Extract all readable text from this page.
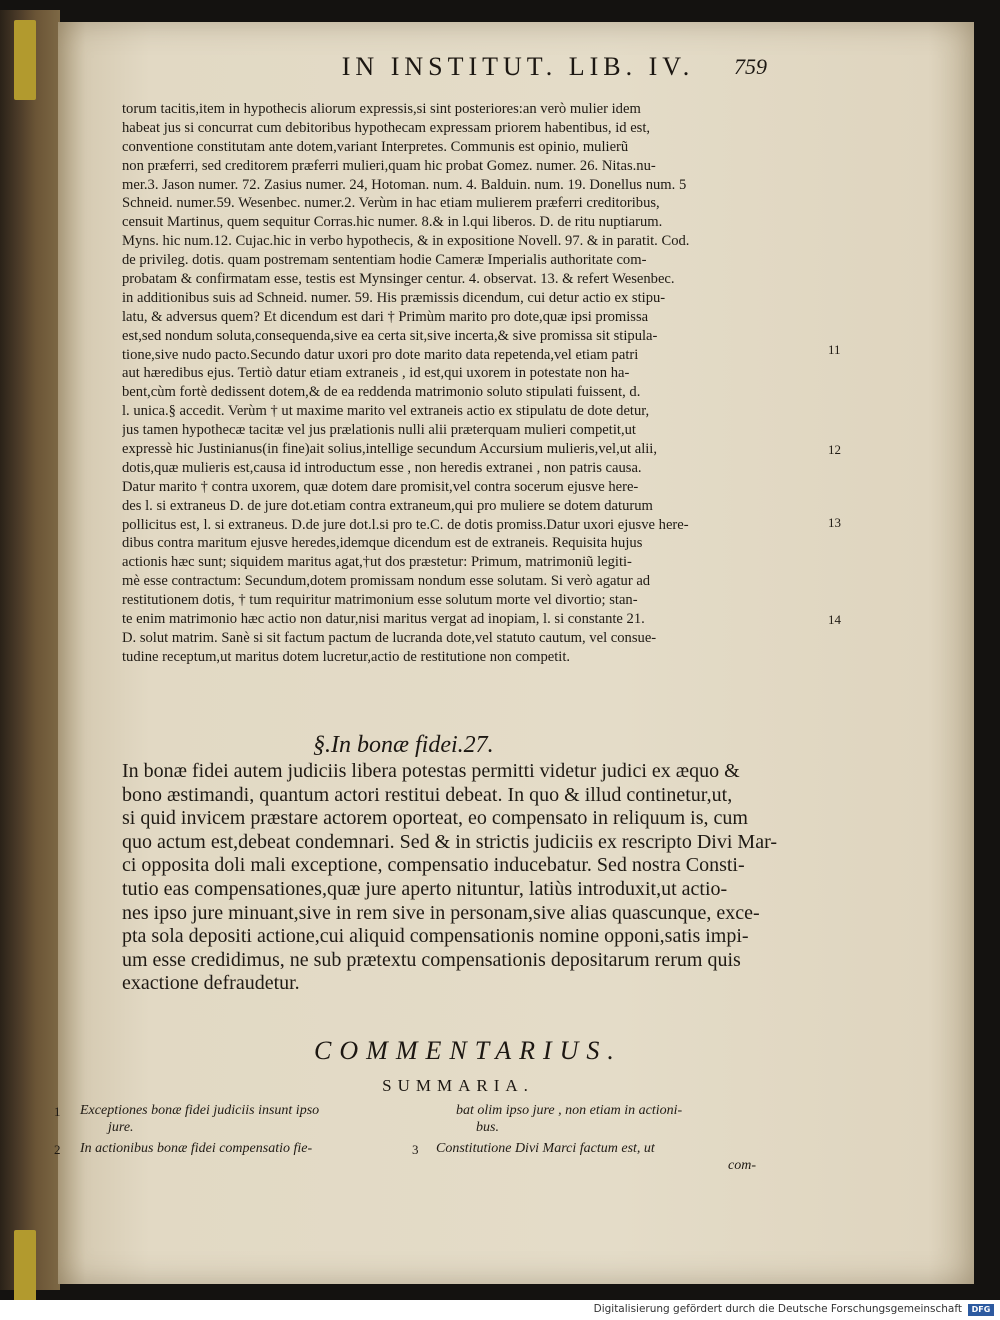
IN INSTITUT. LIB. IV.	759
torum tacitis,item in hypothecis aliorum expressis,si sint posteriores:an verò mulier idem
habeat jus si concurrat cum debitoribus hypothecam expressam priorem habentibus, id est,
conventione constitutam ante dotem,variant Interpretes. Communis est opinio, mulierũ
non præferri, sed creditorem præferri mulieri,quam hic probat Gomez. numer. 26. Nitas.nu-
mer.3. Jason numer. 72. Zasius numer. 24, Hotoman. num. 4. Balduin. num. 19. Donellus num. 5
Schneid. numer.59. Wesenbec. numer.2. Verùm in hac etiam mulierem præferri creditoribus,
censuit Martinus, quem sequitur Corras.hic numer. 8.& in l.qui liberos. D. de ritu nuptiarum.
Myns. hic num.12. Cujac.hic in verbo hypothecis, & in expositione Novell. 97. & in paratit. Cod.
de privileg. dotis. quam postremam sententiam hodie Cameræ Imperialis authoritate com-
probatam & confirmatam esse, testis est Mynsinger centur. 4. observat. 13. & refert Wesenbec.
in additionibus suis ad Schneid. numer. 59. His præmissis dicendum, cui detur actio ex stipu-
latu, & adversus quem? Et dicendum est dari † Primùm marito pro dote,quæ ipsi promissa
est,sed nondum soluta,consequenda,sive ea certa sit,sive incerta,& sive promissa sit stipula-
tione,sive nudo pacto.Secundo datur uxori pro dote marito data repetenda,vel etiam patri
aut hæredibus ejus. Tertiò datur etiam extraneis , id est,qui uxorem in potestate non ha-
bent,cùm fortè dedissent dotem,& de ea reddenda matrimonio soluto stipulati fuissent, d.
l. unica.§ accedit. Verùm † ut maxime marito vel extraneis actio ex stipulatu de dote detur,
jus tamen hypothecæ tacitæ vel jus prælationis nulli alii præterquam mulieri competit,ut
expressè hic Justinianus(in fine)ait solius,intellige secundum Accursium mulieris,vel,ut alii,
dotis,quæ mulieris est,causa id introductum esse , non heredis extranei , non patris causa.
Datur marito † contra uxorem, quæ dotem dare promisit,vel contra socerum ejusve here-
des l. si extraneus D. de jure dot.etiam contra extraneum,qui pro muliere se dotem daturum
pollicitus est, l. si extraneus. D.de jure dot.l.si pro te.C. de dotis promiss.Datur uxori ejusve here-
dibus contra maritum ejusve heredes,idemque dicendum est de extraneis. Requisita hujus
actionis hæc sunt; siquidem maritus agat,†ut dos præstetur: Primum, matrimoniũ legiti-
mè esse contractum: Secundum,dotem promissam nondum esse solutam. Si verò agatur ad
restitutionem dotis, † tum requiritur matrimonium esse solutum morte vel divortio; stan-
te enim matrimonio hæc actio non datur,nisi maritus vergat ad inopiam, l. si constante 21.
D. solut matrim. Sanè si sit factum pactum de lucranda dote,vel statuto cautum, vel consue-
tudine receptum,ut maritus dotem lucretur,actio de restitutione non competit.
11
12
13
14
§.In bonæ fidei.27.
In bonæ fidei autem judiciis libera potestas permitti videtur judici ex æquo &
bono æstimandi, quantum actori restitui debeat. In quo & illud continetur,ut,
si quid invicem præstare actorem oporteat, eo compensato in reliquum is, cum
quo actum est,debeat condemnari. Sed & in strictis judiciis ex rescripto Divi Mar-
ci opposita doli mali exceptione, compensatio inducebatur. Sed nostra Consti-
tutio eas compensationes,quæ jure aperto nituntur, latiùs introduxit,ut actio-
nes ipso jure minuant,sive in rem sive in personam,sive alias quascunque, exce-
pta sola depositi actione,cui aliquid compensationis nomine opponi,satis impi-
um esse credidimus, ne sub prætextu compensationis depositarum rerum quis
exactione defraudetur.
COMMENTARIUS.
SUMMARIA.
1 Exceptiones bonæ fidei judiciis insunt ipso
jure.
2 In actionibus bonæ fidei compensatio fie-
bat olim ipso jure , non etiam in actioni-
bus.
3 Constitutione Divi Marci factum est, ut
com-
Digitalisierung gefördert durch die Deutsche Forschungsgemeinschaft	DFG
